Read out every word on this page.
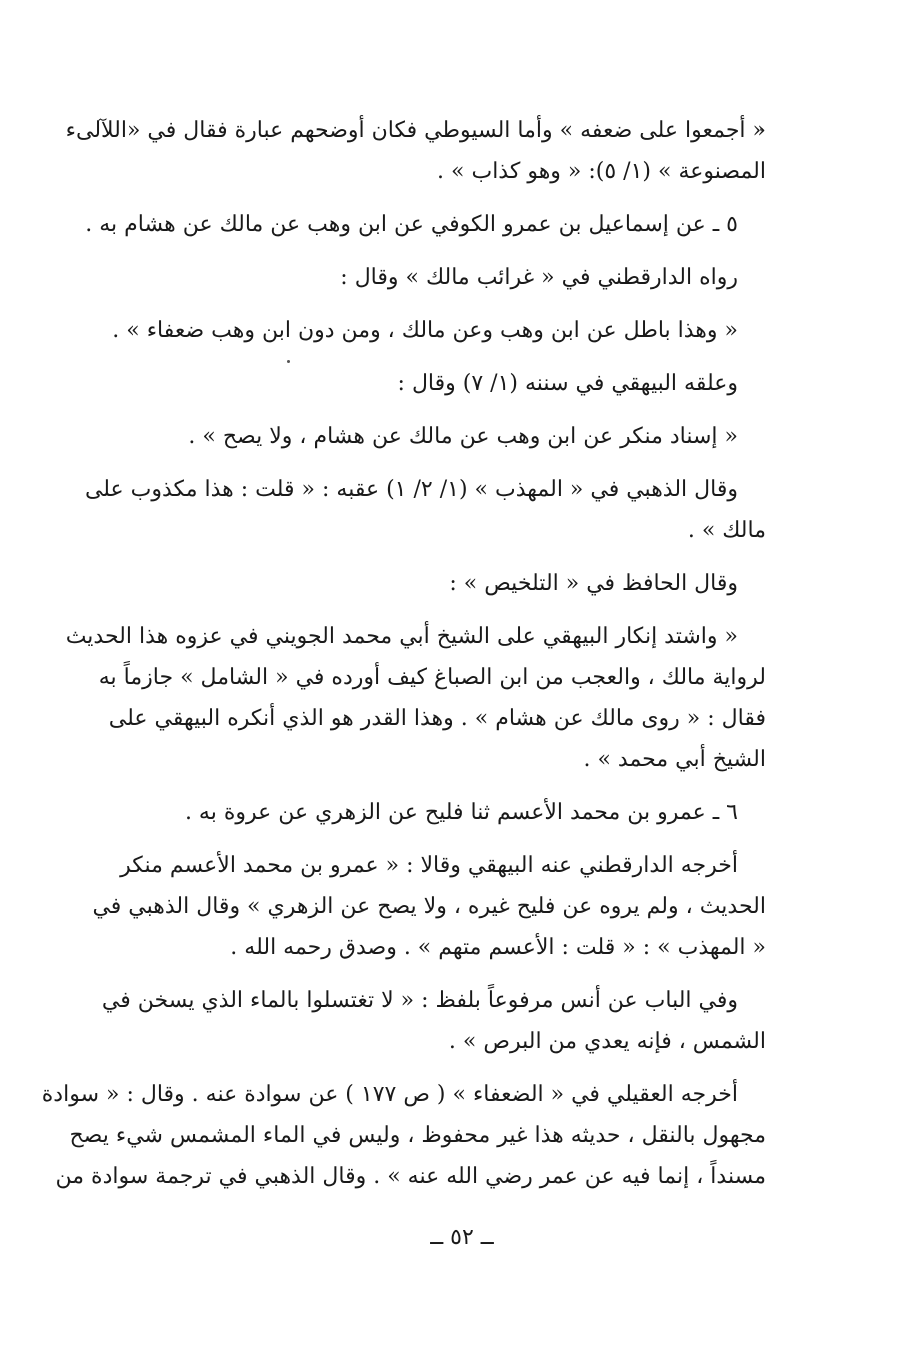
« أجمعوا على ضعفه » وأما السيوطي فكان أوضحهم عبارة فقال في «اللآلىء
المصنوعة » (١/ ٥): « وهو كذاب » .
٥ ـ عن إسماعيل بن عمرو الكوفي عن ابن وهب عن مالك عن هشام به .
رواه الدارقطني في « غرائب مالك » وقال :
« وهذا باطل عن ابن وهب وعن مالك ، ومن دون ابن وهب ضعفاء » .
وعلقه البيهقي في سننه (١/ ٧) وقال :
« إسناد منكر عن ابن وهب عن مالك عن هشام ، ولا يصح » .
وقال الذهبي في « المهذب » (١/ ٢/ ١) عقبه : « قلت : هذا مكذوب على
مالك » .
وقال الحافظ في « التلخيص » :
« واشتد إنكار البيهقي على الشيخ أبي محمد الجويني في عزوه هذا الحديث
لرواية مالك ، والعجب من ابن الصباغ كيف أورده في « الشامل » جازماً به
فقال : « روى مالك عن هشام » . وهذا القدر هو الذي أنكره البيهقي على
الشيخ أبي محمد » .
٦ ـ عمرو بن محمد الأعسم ثنا فليح عن الزهري عن عروة به .
أخرجه الدارقطني عنه البيهقي وقالا : « عمرو بن محمد الأعسم منكر
الحديث ، ولم يروه عن فليح غيره ، ولا يصح عن الزهري » وقال الذهبي في
« المهذب » : « قلت : الأعسم متهم » . وصدق رحمه الله .
وفي الباب عن أنس مرفوعاً بلفظ : « لا تغتسلوا بالماء الذي يسخن في
الشمس ، فإنه يعدي من البرص » .
أخرجه العقيلي في « الضعفاء » ( ص ١٧٧ ) عن سوادة عنه . وقال : « سوادة
مجهول بالنقل ، حديثه هذا غير محفوظ ، وليس في الماء المشمس شيء يصح
مسنداً ، إنما فيه عن عمر رضي الله عنه » . وقال الذهبي في ترجمة سوادة من
ــ ٥٢ ــ
